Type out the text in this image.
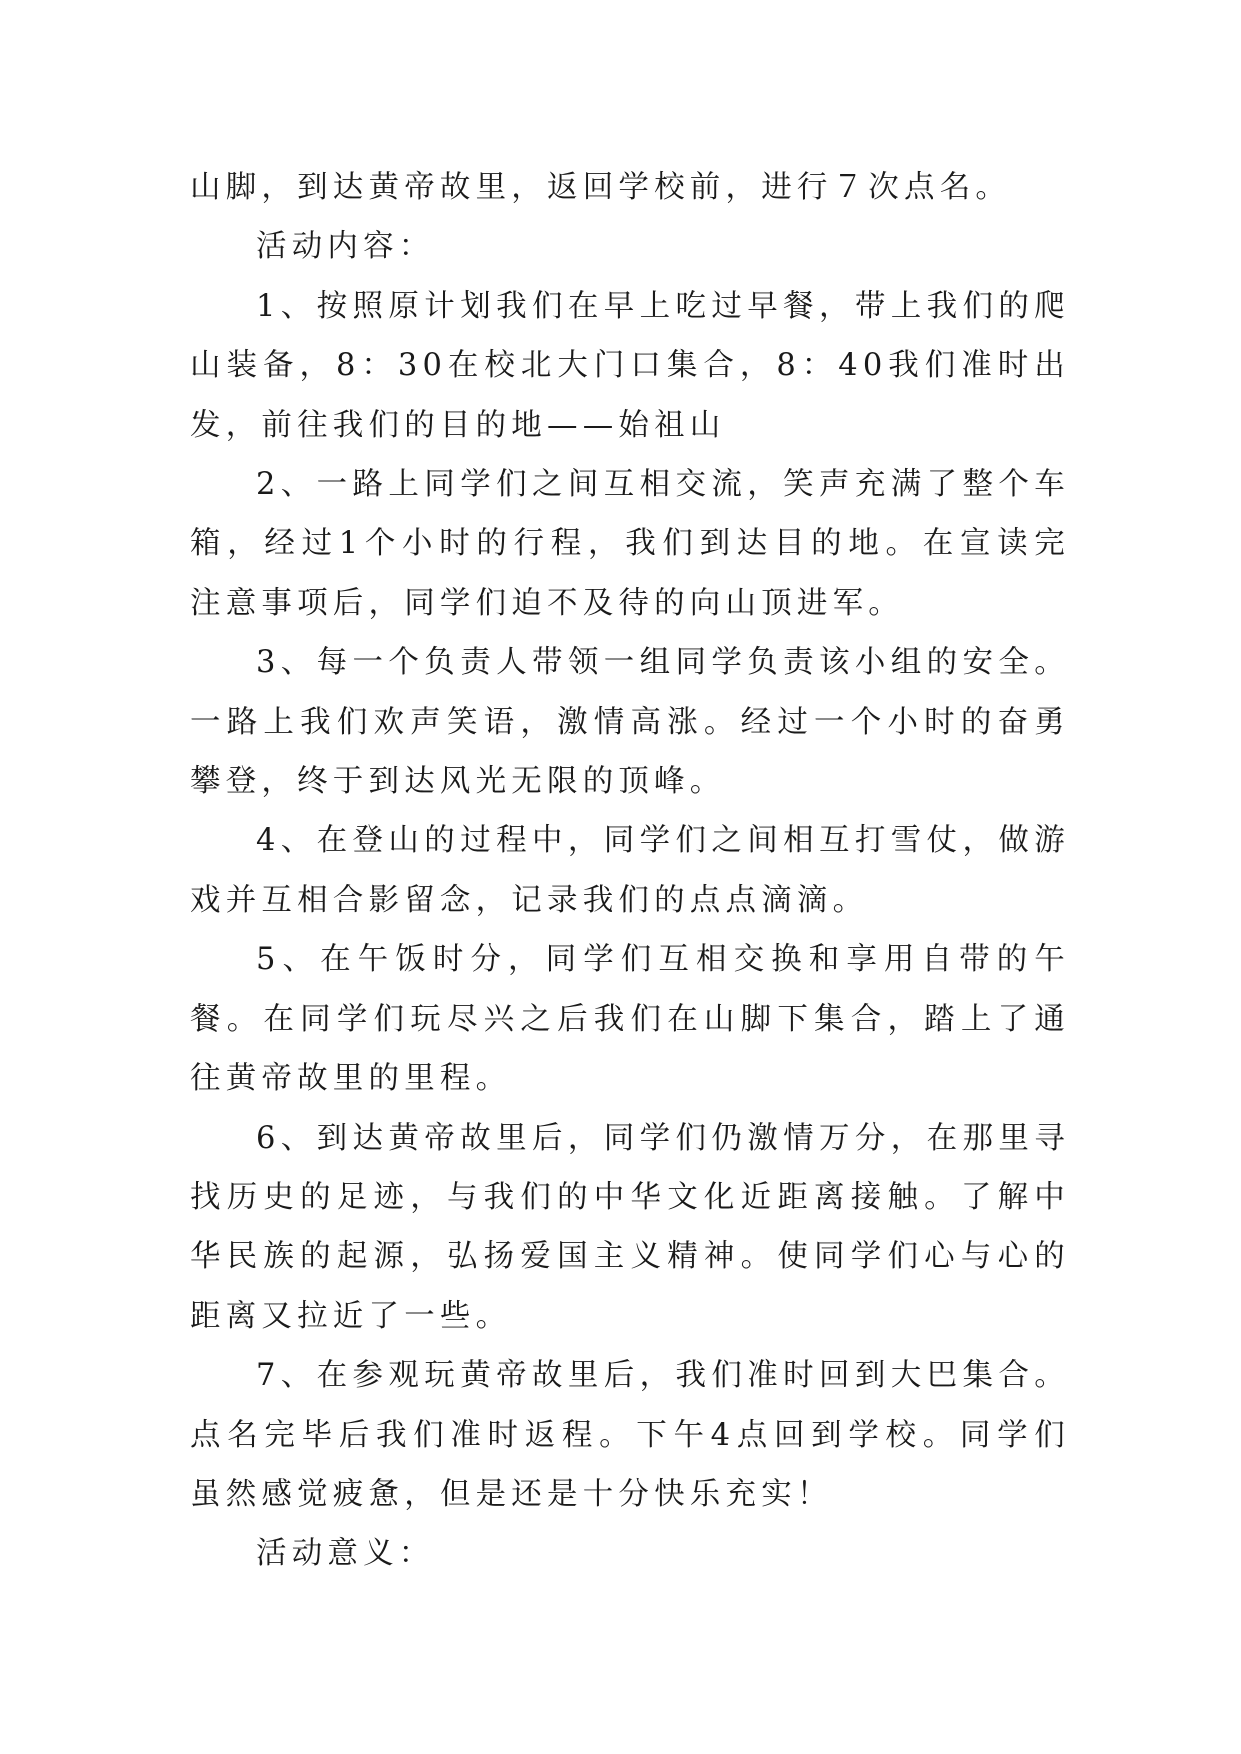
山脚，到达黄帝故里，返回学校前，进行７次点名。

活动内容：

1、按照原计划我们在早上吃过早餐，带上我们的爬山装备，8：30在校北大门口集合，8：40我们准时出发，前往我们的目的地——始祖山

2、一路上同学们之间互相交流，笑声充满了整个车箱，经过1个小时的行程，我们到达目的地。在宣读完注意事项后，同学们迫不及待的向山顶进军。

3、每一个负责人带领一组同学负责该小组的安全。一路上我们欢声笑语，激情高涨。经过一个小时的奋勇攀登，终于到达风光无限的顶峰。

4、在登山的过程中，同学们之间相互打雪仗，做游戏并互相合影留念，记录我们的点点滴滴。

5、在午饭时分，同学们互相交换和享用自带的午餐。在同学们玩尽兴之后我们在山脚下集合，踏上了通往黄帝故里的里程。

6、到达黄帝故里后，同学们仍激情万分，在那里寻找历史的足迹，与我们的中华文化近距离接触。了解中华民族的起源，弘扬爱国主义精神。使同学们心与心的距离又拉近了一些。

7、在参观玩黄帝故里后，我们准时回到大巴集合。点名完毕后我们准时返程。下午4点回到学校。同学们虽然感觉疲惫，但是还是十分快乐充实！

活动意义：
